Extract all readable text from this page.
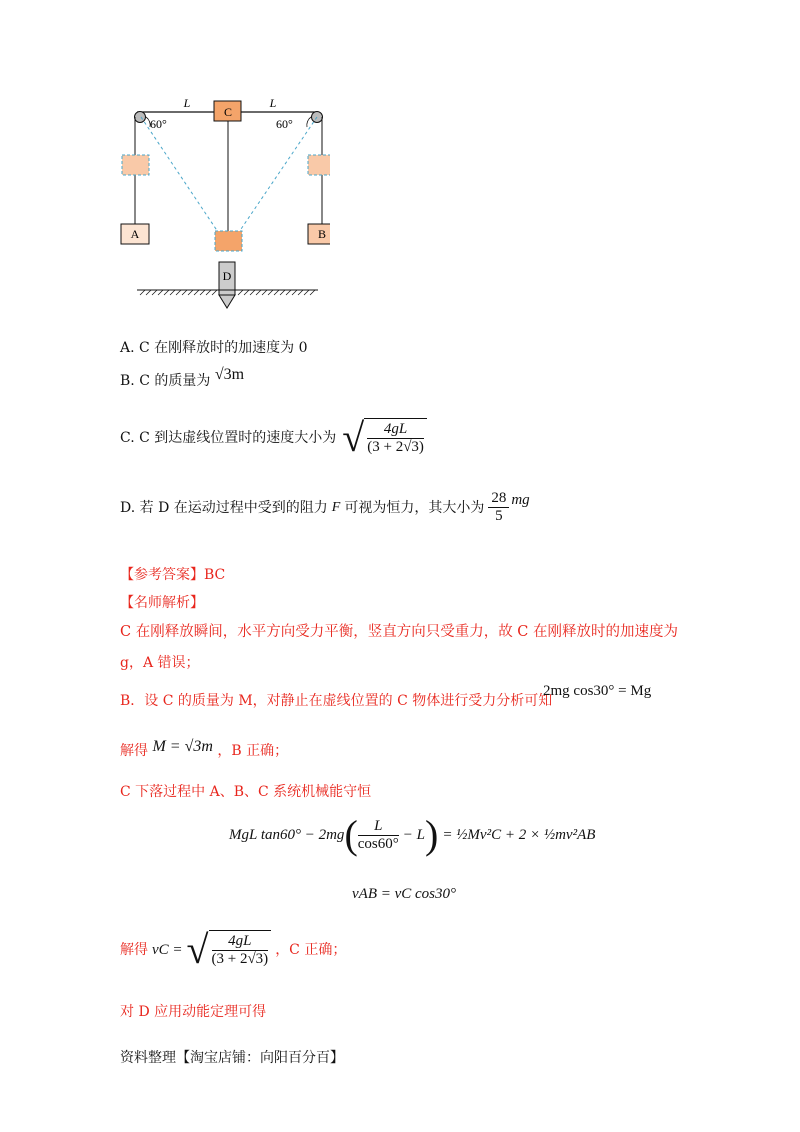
C
L	L
60°	60°
A	B
D
A. C 在刚释放时的加速度为 0
B. C 的质量为 √3m
C. C 到达虚线位置时的速度大小为 √ $\frac{4gL}{(3 + 2√3)}$
D. 若 D 在运动过程中受到的阻力 F 可视为恒力，其大小为 $\frac{28}{5}$ mg
【参考答案】BC
【名师解析】
C 在刚释放瞬间，水平方向受力平衡，竖直方向只受重力，故 C 在刚释放时的加速度为
g，A 错误；
B．设 C 的质量为 M，对静止在虚线位置的 C 物体进行受力分析可知
2mg cos30° = Mg
解得 M = √3m ，B 正确；
C 下落过程中 A、B、C 系统机械能守恒
MgL tan60° − 2mg ( $\frac{L}{\cos 60^\circ} - L$ ) = ½Mv²C + 2 × ½mv²AB
vAB = vC cos30°
解得 vC = √ $\frac{4gL}{(3 + 2√3)}$ ，C 正确；
对 D 应用动能定理可得
资料整理【淘宝店铺：向阳百分百】
